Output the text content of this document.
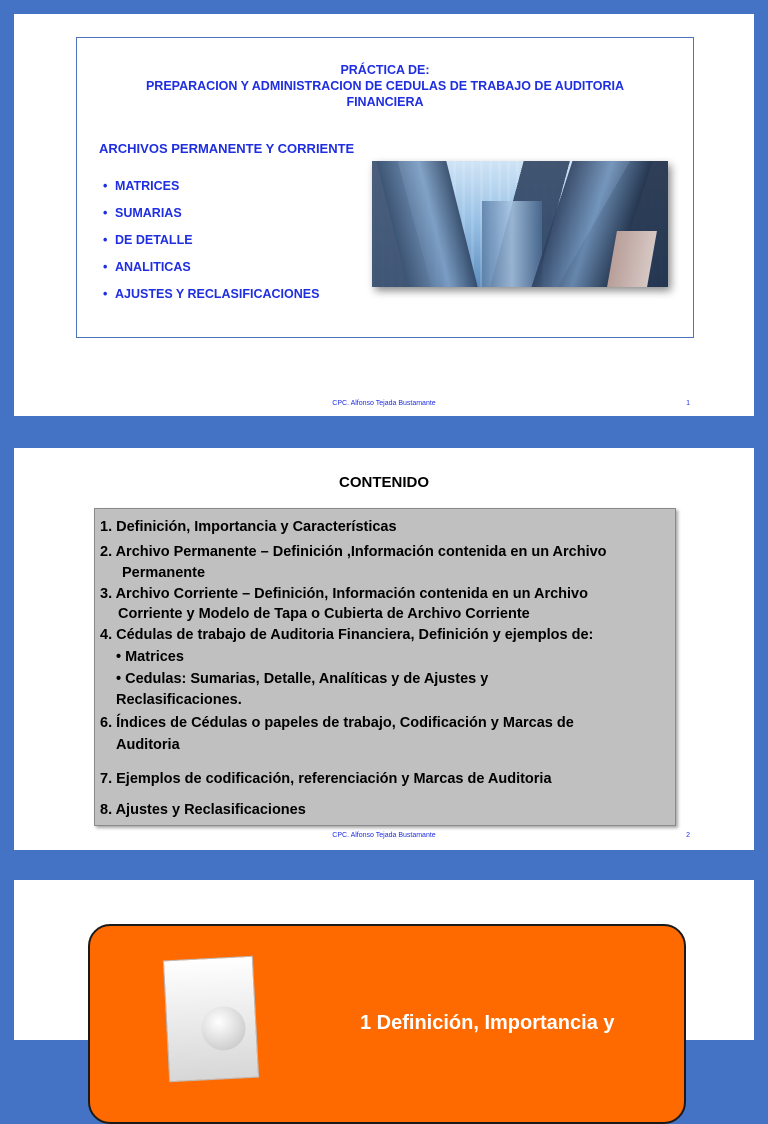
PRÁCTICA DE:
PREPARACION Y ADMINISTRACION DE CEDULAS DE TRABAJO DE AUDITORIA
FINANCIERA
ARCHIVOS PERMANENTE Y CORRIENTE
• MATRICES
• SUMARIAS
• DE DETALLE
• ANALITICAS
• AJUSTES Y RECLASIFICACIONES
CPC. Alfonso Tejada Bustamante	1
CONTENIDO
1. Definición, Importancia y Características
2. Archivo Permanente – Definición ,Información contenida en un Archivo
Permanente
3. Archivo Corriente – Definición, Información contenida en un Archivo
Corriente y Modelo de Tapa o Cubierta de Archivo Corriente
4. Cédulas de trabajo de Auditoria Financiera, Definición y ejemplos de:
• Matrices
• Cedulas: Sumarias, Detalle, Analíticas y de Ajustes y
Reclasificaciones.
6. Índices de Cédulas o papeles de trabajo, Codificación y Marcas de
Auditoria
7. Ejemplos de codificación, referenciación y Marcas de Auditoria
8. Ajustes y Reclasificaciones
CPC. Alfonso Tejada Bustamante	2
1 Definición, Importancia y
